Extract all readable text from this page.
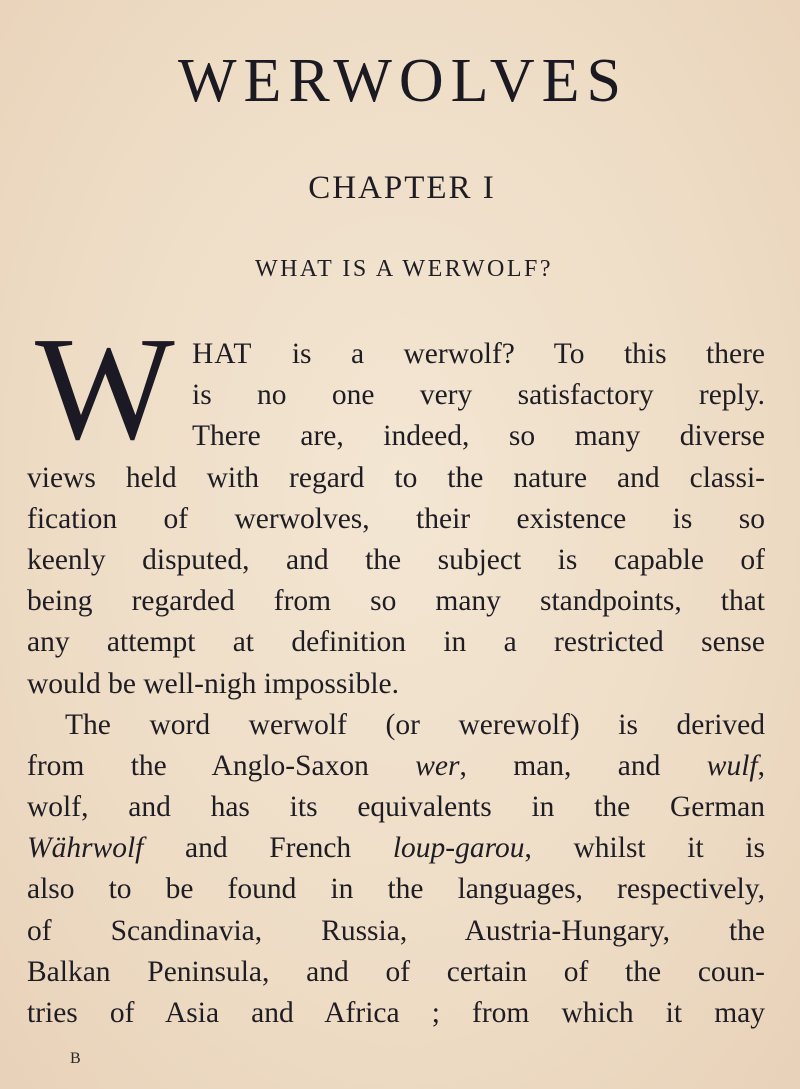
WERWOLVES
CHAPTER I
WHAT IS A WERWOLF?
W HAT is a werwolf? To this there
is no one very satisfactory reply.
There are, indeed, so many diverse
views held with regard to the nature and classi-
fication of werwolves, their existence is so
keenly disputed, and the subject is capable of
being regarded from so many standpoints, that
any attempt at definition in a restricted sense
would be well-nigh impossible.
The word werwolf (or werewolf) is derived
from the Anglo-Saxon wer, man, and wulf,
wolf, and has its equivalents in the German
Währwolf and French loup-garou, whilst it is
also to be found in the languages, respectively,
of Scandinavia, Russia, Austria-Hungary, the
Balkan Peninsula, and of certain of the coun-
tries of Asia and Africa ; from which it may
B
